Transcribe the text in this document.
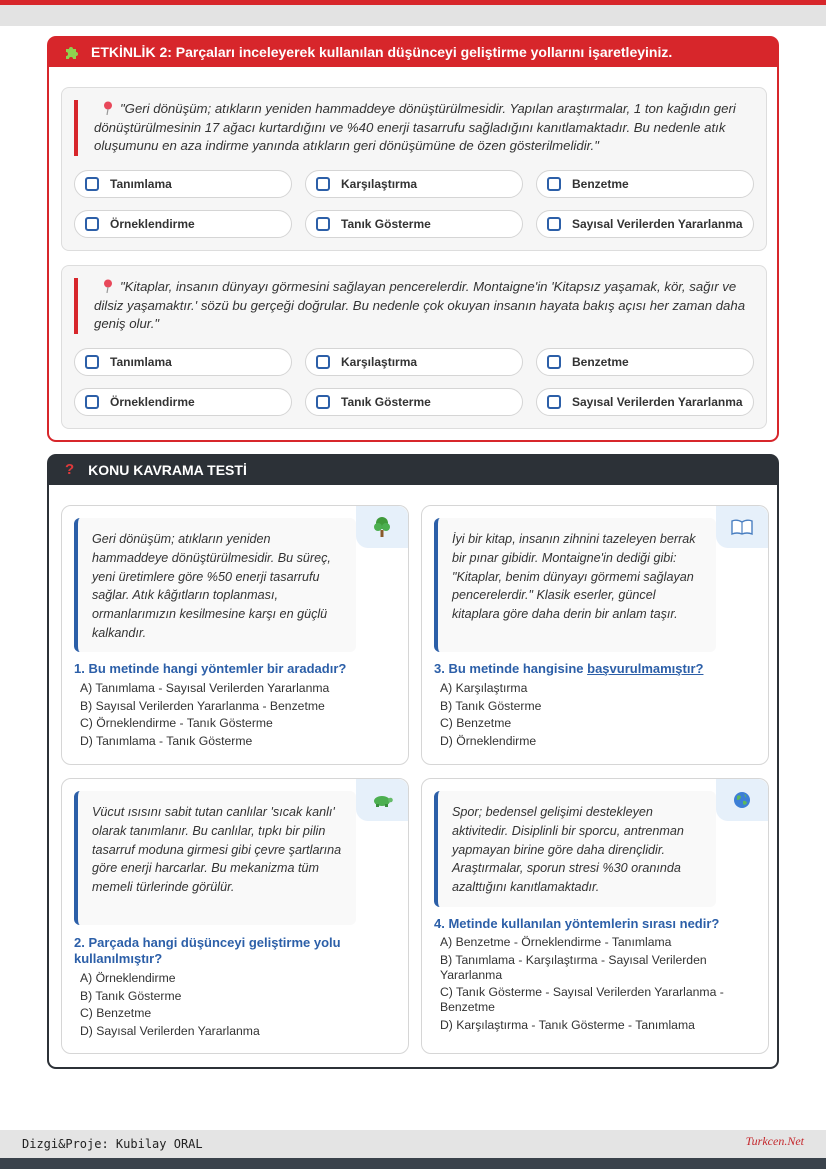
ETKİNLİK 2: Parçaları inceleyerek kullanılan düşünceyi geliştirme yollarını işaretleyiniz.
"Geri dönüşüm; atıkların yeniden hammaddeye dönüştürülmesidir. Yapılan araştırmalar, 1 ton kağıdın geri dönüştürülmesinin 17 ağacı kurtardığını ve %40 enerji tasarrufu sağladığını kanıtlamaktadır. Bu nedenle atık oluşumunu en aza indirme yanında atıkların geri dönüşümüne de özen gösterilmelidir."
Tanımlama	Karşılaştırma	Benzetme
Örneklendirme	Tanık Gösterme	Sayısal Verilerden Yararlanma
"Kitaplar, insanın dünyayı görmesini sağlayan pencerelerdir. Montaigne'in 'Kitapsız yaşamak, kör, sağır ve dilsiz yaşamaktır.' sözü bu gerçeği doğrular. Bu nedenle çok okuyan insanın hayata bakış açısı her zaman daha geniş olur."
Tanımlama	Karşılaştırma	Benzetme
Örneklendirme	Tanık Gösterme	Sayısal Verilerden Yararlanma
? KONU KAVRAMA TESTİ
Geri dönüşüm; atıkların yeniden hammaddeye dönüştürülmesidir. Bu süreç, yeni üretimlere göre %50 enerji tasarrufu sağlar. Atık kâğıtların toplanması, ormanlarımızın kesilmesine karşı en güçlü kalkandır.
1. Bu metinde hangi yöntemler bir aradadır?
A) Tanımlama - Sayısal Verilerden Yararlanma
B) Sayısal Verilerden Yararlanma - Benzetme
C) Örneklendirme - Tanık Gösterme
D) Tanımlama - Tanık Gösterme
İyi bir kitap, insanın zihnini tazeleyen berrak bir pınar gibidir. Montaigne'in dediği gibi: "Kitaplar, benim dünyayı görmemi sağlayan pencerelerdir." Klasik eserler, güncel kitaplara göre daha derin bir anlam taşır.
3. Bu metinde hangisine başvurulmamıştır?
A) Karşılaştırma
B) Tanık Gösterme
C) Benzetme
D) Örneklendirme
Vücut ısısını sabit tutan canlılar 'sıcak kanlı' olarak tanımlanır. Bu canlılar, tıpkı bir pilin tasarruf moduna girmesi gibi çevre şartlarına göre enerji harcarlar. Bu mekanizma tüm memeli türlerinde görülür.
2. Parçada hangi düşünceyi geliştirme yolu kullanılmıştır?
A) Örneklendirme
B) Tanık Gösterme
C) Benzetme
D) Sayısal Verilerden Yararlanma
Spor; bedensel gelişimi destekleyen aktivitedir. Disiplinli bir sporcu, antrenman yapmayan birine göre daha dirençlidir. Araştırmalar, sporun stresi %30 oranında azalttığını kanıtlamaktadır.
4. Metinde kullanılan yöntemlerin sırası nedir?
A) Benzetme - Örneklendirme - Tanımlama
B) Tanımlama - Karşılaştırma - Sayısal Verilerden Yararlanma
C) Tanık Gösterme - Sayısal Verilerden Yararlanma - Benzetme
D) Karşılaştırma - Tanık Gösterme - Tanımlama
Dizgi&Proje: Kubilay ORAL	Turkcen.Net
